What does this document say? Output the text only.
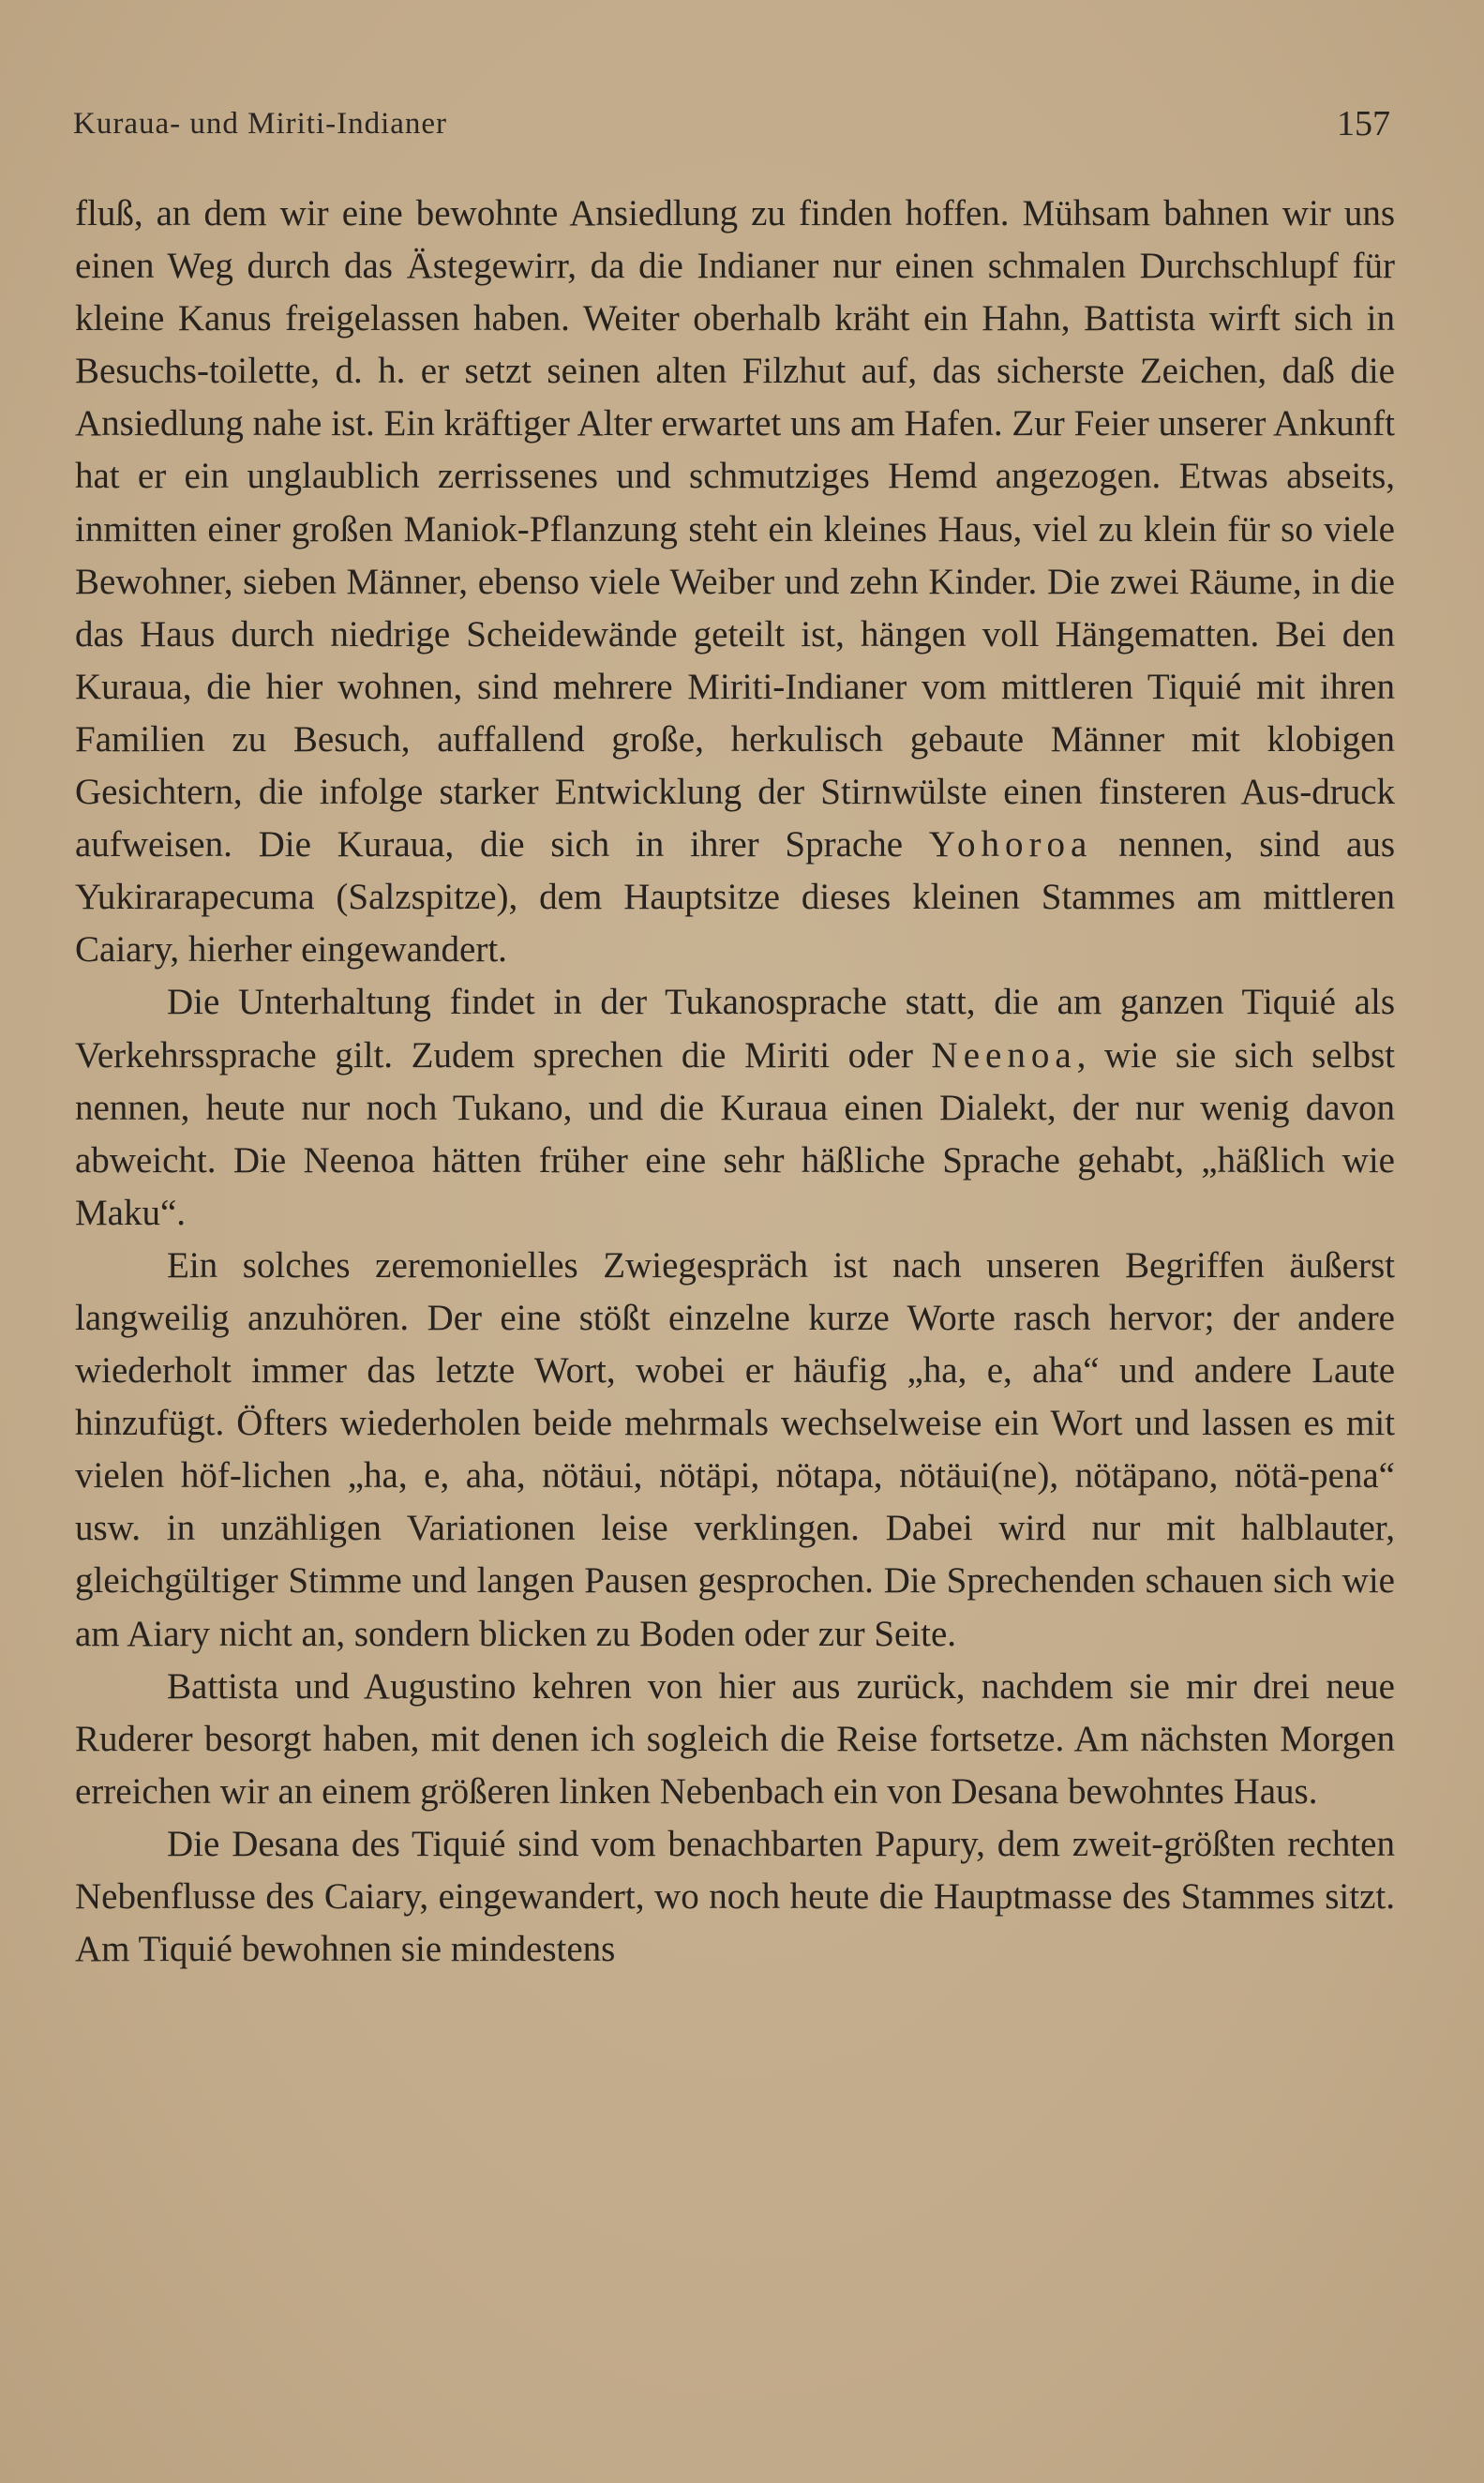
Kuraua- und Miriti-Indianer	157

fluß, an dem wir eine bewohnte Ansiedlung zu finden hoffen. Mühsam bahnen wir uns einen Weg durch das Ästegewirr, da die Indianer nur einen schmalen Durchschlupf für kleine Kanus freigelassen haben. Weiter oberhalb kräht ein Hahn, Battista wirft sich in Besuchs-toilette, d. h. er setzt seinen alten Filzhut auf, das sicherste Zeichen, daß die Ansiedlung nahe ist. Ein kräftiger Alter erwartet uns am Hafen. Zur Feier unserer Ankunft hat er ein unglaublich zerrissenes und schmutziges Hemd angezogen. Etwas abseits, inmitten einer großen Maniok-Pflanzung steht ein kleines Haus, viel zu klein für so viele Bewohner, sieben Männer, ebenso viele Weiber und zehn Kinder. Die zwei Räume, in die das Haus durch niedrige Scheidewände geteilt ist, hängen voll Hängematten. Bei den Kuraua, die hier wohnen, sind mehrere Miriti-Indianer vom mittleren Tiquié mit ihren Familien zu Besuch, auffallend große, herkulisch gebaute Männer mit klobigen Gesichtern, die infolge starker Entwicklung der Stirnwülste einen finsteren Aus-druck aufweisen. Die Kuraua, die sich in ihrer Sprache Yohoroa nennen, sind aus Yukirarapecuma (Salzspitze), dem Hauptsitze dieses kleinen Stammes am mittleren Caiary, hierher eingewandert.

Die Unterhaltung findet in der Tukanosprache statt, die am ganzen Tiquié als Verkehrssprache gilt. Zudem sprechen die Miriti oder Neenoa, wie sie sich selbst nennen, heute nur noch Tukano, und die Kuraua einen Dialekt, der nur wenig davon abweicht. Die Neenoa hätten früher eine sehr häßliche Sprache gehabt, „häßlich wie Maku“.

Ein solches zeremonielles Zwiegespräch ist nach unseren Begriffen äußerst langweilig anzuhören. Der eine stößt einzelne kurze Worte rasch hervor; der andere wiederholt immer das letzte Wort, wobei er häufig „ha, e, aha“ und andere Laute hinzufügt. Öfters wiederholen beide mehrmals wechselweise ein Wort und lassen es mit vielen höf-lichen „ha, e, aha, nötäui, nötäpi, nötapa, nötäui(ne), nötäpano, nötä-pena“ usw. in unzähligen Variationen leise verklingen. Dabei wird nur mit halblauter, gleichgültiger Stimme und langen Pausen gesprochen. Die Sprechenden schauen sich wie am Aiary nicht an, sondern blicken zu Boden oder zur Seite.

Battista und Augustino kehren von hier aus zurück, nachdem sie mir drei neue Ruderer besorgt haben, mit denen ich sogleich die Reise fortsetze. Am nächsten Morgen erreichen wir an einem größeren linken Nebenbach ein von Desana bewohntes Haus.

Die Desana des Tiquié sind vom benachbarten Papury, dem zweit-größten rechten Nebenflusse des Caiary, eingewandert, wo noch heute die Hauptmasse des Stammes sitzt. Am Tiquié bewohnen sie mindestens
